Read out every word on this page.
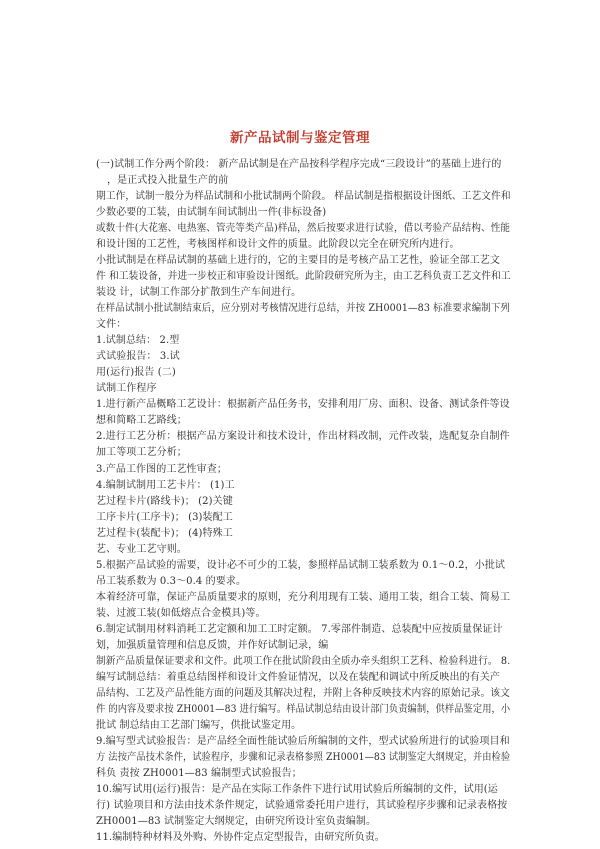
新产品试制与鉴定管理
(一)试制工作分两个阶段： 新产品试制是在产品按科学程序完成“三段设计”的基础上进行的
，是正式投入批量生产的前
期工作，试制一般分为样品试制和小批试制两个阶段。 样品试制是指根据设计图纸、工艺文件和
少数必要的工装，由试制车间试制出一件(非标设备)
或数十件(大花塞、电热塞、管壳等类产品)样品，然后按要求进行试验，借以考验产品结构、性能
和设计图的工艺性，考核图样和设计文件的质量。此阶段以完全在研究所内进行。
小批试制是在样品试制的基础上进行的，它的主要目的是考核产品工艺性，验证全部工艺文
件 和工装设备，并进一步校正和审验设计图纸。此阶段研究所为主，由工艺科负责工艺文件和工
装设 计，试制工作部分扩散到生产车间进行。
在样品试制小批试制结束后，应分别对考核情况进行总结，并按 ZH0001—83 标准要求编制下列
文件：
1.试制总结： 2.型
式试验报告： 3.试
用(运行)报告 (二)
试制工作程序
1.进行新产品概略工艺设计：根据新产品任务书，安排利用厂房、面积、设备、测试条件等设
想和简略工艺路线；
2.进行工艺分析：根据产品方案设计和技术设计，作出材料改制，元件改装，选配复杂自制件
加工等项工艺分析；
3.产品工作图的工艺性审查；
4.编制试制用工艺卡片： (1)工
艺过程卡片(路线卡)； (2)关键
工序卡片(工序卡)； (3)装配工
艺过程卡(装配卡)； (4)特殊工
艺、专业工艺守则。
5.根据产品试验的需要，设计必不可少的工装，参照样品试制工装系数为 0.1～0.2，小批试
吊工装系数为 0.3～0.4 的要求。
本着经济可靠，保证产品质量要求的原则，充分利用现有工装、通用工装，组合工装、简易工
装、过渡工装(如低熔点合金模具)等。
6.制定试制用材料消耗工艺定额和加工工时定额。 7.零部件制造、总装配中应按质量保证计
划，加强质量管理和信息反馈，并作好试制记录，编
制新产品质量保证要求和文件。此项工作在批试阶段由全质办牵头组织工艺科、检验科进行。 8.
编写试制总结：着重总结图样和设计文件验证情况，以及在装配和调试中所反映出的有关产
品结构、工艺及产品性能方面的问题及其解决过程，并附上各种反映技术内容的原始记录。该文
件 的内容及要求按 ZH0001—83 进行编写。样品试制总结由设计部门负责编制，供样品鉴定用，小
批试 制总结由工艺部门编写，供批试鉴定用。
9.编写型式试验报告：是产品经全面性能试验后所编制的文件，型式试验所进行的试验项目和
方 法按产品技术条件，试验程序，步骤和记录表格参照 ZH0001—83 试制鉴定大纲规定，并由检验
科负 责按 ZH0001—83 编制型式试验报告；
10.编写试用(运行)报告：是产品在实际工作条件下进行试用试验后所编制的文件，试用(运
行) 试验项目和方法由技术条件规定，试验通常委托用户进行，其试验程序步骤和记录表格按
ZH0001—83 试制鉴定大纲规定，由研究所设计室负责编制。
11.编制特种材料及外购、外协件定点定型报告，由研究所负责。
